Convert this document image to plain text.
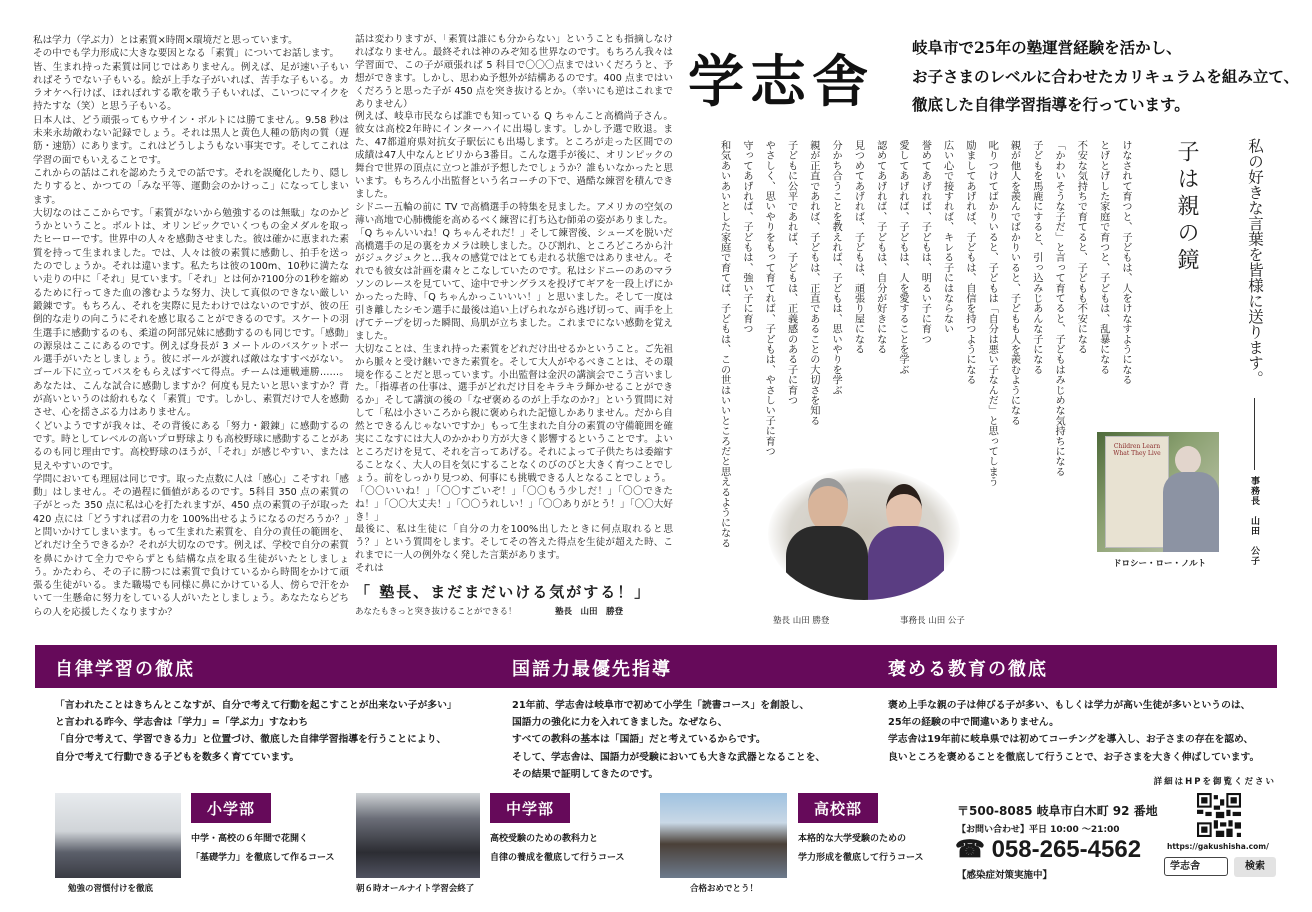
私は学力（学ぶ力）とは素質×時間×環境だと思っています。

その中でも学力形成に大きな要因となる「素質」についてお話します。

皆、生まれ持った素質は同じではありません。例えば、足が速い子もいればそうでない子もいる。絵が上手な子がいれば、苦手な子もいる。カラオケへ行けば、ほれぼれする歌を歌う子もいれば、こいつにマイクを持たすな（笑）と思う子もいる。

日本人は、どう頑張ってもウサイン・ボルトには勝てません。9.58 秒は未来永劫敵わない記録でしょう。それは黒人と黄色人種の筋肉の質（遅筋・速筋）にあります。これはどうしようもない事実です。そしてこれは学習の面でもいえることです。

これからの話はこれを認めたうえでの話です。それを誤魔化したり、隠したりすると、かつての「みな平等、運動会のかけっこ」になってしまいます。

大切なのはここからです。「素質がないから勉強するのは無駄」なのかどうかということ。ボルトは、オリンピックでいくつもの金メダルを取ったヒーローです。世界中の人々を感動させました。彼は確かに恵まれた素質を持って生まれました。では、人々は彼の素質に感動し、拍手を送ったのでしょうか。それは違います。私たちは彼の100m、10秒に満たない走りの中に「それ」見ています。「それ」とは何か?100分の1秒を縮めるために行ってきた血の滲むような努力、決して真似のできない厳しい鍛錬です。もちろん、それを実際に見たわけではないのですが、彼の圧倒的な走りの向こうにそれを感じ取ることができるのです。スケートの羽生選手に感動するのも、柔道の阿部兄妹に感動するのも同じです。「感動」の源泉はここにあるのです。例えば身長が 3 メートルのバスケットボール選手がいたとしましょう。彼にボールが渡れば敵はなすすべがない。ゴール下に立ってパスをもらえばすべて得点。チームは連戦連勝……。あなたは、こんな試合に感動しますか？何度も見たいと思いますか？背が高いというのは紛れもなく「素質」です。しかし、素質だけで人を感動させ、心を揺さぶる力はありません。

くどいようですが我々は、その背後にある「努力・鍛錬」に感動するのです。時としてレベルの高いプロ野球よりも高校野球に感動することがあるのも同じ理由です。高校野球のほうが、「それ」が感じやすい、または見えやすいのです。

学問においても理屈は同じです。取った点数に人は「感心」こそすれ「感動」はしません。その過程に価値があるのです。5科目 350 点の素質の子がとった 350 点に私は心を打たれますが、450 点の素質の子が取った 420 点には「どうすれば君の力を 100%出せるようになるのだろうか？」と問いかけてしまいます。もって生まれた素質を、自分の責任の範囲を、どれだけ全うできるか？それが大切なのです。例えば、学校で自分の素質を鼻にかけて全力でやらずとも結構な点を取る生徒がいたとしましょう。かたわら、その子に勝つには素質で負けているから時間をかけて頑張る生徒がいる。また職場でも同様に鼻にかけている人、傍らで汗をかいて一生懸命に努力をしている人がいたとしましょう。あなたならどちらの人を応援したくなりますか？

話は変わりますが、「素質は誰にも分からない」ということも指摘しなければなりません。最終それは神のみぞ知る世界なのです。もちろん我々は学習面で、この子が頑張れば 5 科目で〇〇〇点まではいくだろうと、予想ができます。しかし、思わぬ予想外が結構あるのです。400 点まではいくだろうと思った子が 450 点を突き抜けるとか。（幸いにも逆はこれまでありません）

例えば、岐阜市民ならば誰でも知っている Q ちゃんこと高橋尚子さん。彼女は高校2年時にインターハイに出場します。しかし予選で敗退。また、47都道府県対抗女子駅伝にも出場します。ところが走った区間での成績は47人中なんとビリから3番目。こんな選手が後に、オリンピックの舞台で世界の頂点に立つと誰が予想したでしょうか？誰もいなかったと思います。もちろん小出監督という名コーチの下で、過酷な練習を積んできました。

シドニー五輪の前に TV で高橋選手の特集を見ました。アメリカの空気の薄い高地で心肺機能を高めるべく練習に打ち込む師弟の姿がありました。「Q ちゃんいいね！Q ちゃんそれだ！」そして練習後、シューズを脱いだ高橋選手の足の裏をカメラは映しました。ひび割れ、ところどころから汁がジュクジュクと…我々の感覚ではとても走れる状態ではありません。それでも彼女は計画を粛々とこなしていたのです。私はシドニーのあのマラソンのレースを見ていて、途中でサングラスを投げてギアを一段上げにかかったった時、「Q ちゃんかっこいいい！」と思いました。そして一度は引き離したシモン選手に最後は追い上げられながら逃げ切って、両手を上げてテープを切った瞬間、鳥肌が立ちました。これまでにない感動を覚えました。

大切なことは、生まれ持った素質をどれだけ出せるかということ。ご先祖から脈々と受け継いできた素質を。そして大人がやるべきことは、その環境を作ることだと思っています。小出監督は金沢の講演会でこう言いました。「指導者の仕事は、選手がどれだけ目をキラキラ輝かせることができるか」そして講演の後の「なぜ褒めるのが上手なのか?」という質問に対して「私は小さいころから親に褒められた記憶しかありません。だから自然とできるんじゃないですか」もって生まれた自分の素質の守備範囲を確実にこなすには大人のかかわり方が大きく影響するということです。よいところだけを見て、それを言ってあげる。それによって子供たちは委縮することなく、大人の目を気にすることなくのびのびと大きく育つことでしょう。前をしっかり見つめ、何事にも挑戦できる人となることでしょう。

「〇〇いいね！」「〇〇すごいぞ！」「〇〇もう少しだ！」「〇〇できたね！」「〇〇大丈夫！」「〇〇うれしい！」「〇〇ありがとう！」「〇〇大好き！」

最後に、私は生徒に「自分の力を100%出したときに何点取れると思う？」という質問をします。そしてその答えた得点を生徒が超えた時、これまでに一人の例外なく発した言葉があります。

それは

「 塾長、まだまだいける気がする！」
あなたもきっと突き抜けることができる！	塾長　山田　勝登
学志舎
岐阜市で25年の塾運営経験を活かし、
お子さまのレベルに合わせたカリキュラムを組み立て、
徹底した自律学習指導を行っています。
私の好きな言葉を皆様に送ります。
事務長　山田　公子
子は親の鏡
けなされて育つと、子どもは、人をけなすようになる
とげとげした家庭で育つと、子どもは、乱暴になる
不安な気持ちで育てると、子どもも不安になる
「かわいそうな子だ」と言って育てると、子どもはみじめな気持ちになる
子どもを馬鹿にすると、引っ込みじあんな子になる
親が他人を羨んでばかりいると、子どもも人を羨むようになる
叱りつけてばかりいると、子どもは「自分は悪い子なんだ」と思ってしまう
励ましてあげれば、子どもは、自信を持つようになる
広い心で接すれば、キレる子にはならない
誉めてあげれば、子どもは、明るい子に育つ
愛してあげれば、子どもは、人を愛することを学ぶ
認めてあげれば、子どもは、自分が好きになる
見つめてあげれば、子どもは、頑張り屋になる
分かち合うことを教えれば、子どもは、思いやりを学ぶ
親が正直であれば、子どもは、正直であることの大切さを知る
子どもに公平であれば、子どもは、正義感のある子に育つ
やさしく、思いやりをもって育てれば、子どもは、やさしい子に育つ
守ってあげれば、子どもは、強い子に育つ
和気あいあいとした家庭で育てば、子どもは、この世はいいところだと思えるようになる	Children Learn What They Live
ドロシー・ロー・ノルト
塾長 山田 勝登	事務長 山田 公子
自律学習の徹底	国語力最優先指導	褒める教育の徹底

「言われたことはきちんとこなすが、自分で考えて行動を起こすことが出来ない子が多い」

と言われる昨今、学志舎は「学力」=「学ぶ力」すなわち

「自分で考えて、学習できる力」と位置づけ、徹底した自律学習指導を行うことにより、

自分で考えて行動できる子どもを数多く育てています。

21年前、学志舎は岐阜市で初めて小学生「読書コース」を創設し、

国語力の強化に力を入れてきました。なぜなら、

すべての教科の基本は「国語」だと考えているからです。

そして、学志舎は、国語力が受験においても大きな武器となることを、

その結果で証明してきたのです。

褒め上手な親の子は伸びる子が多い、もしくは学力が高い生徒が多いというのは、

25年の経験の中で間違いありません。

学志舎は19年前に岐阜県では初めてコーチングを導入し、お子さまの存在を認め、

良いところを褒めることを徹底して行うことで、お子さまを大きく伸ばしています。

詳細はHPを御覧ください
勉強の習慣付けを徹底
小学部

中学・高校の６年間で花開く

「基礎学力」を徹底して作るコース

朝６時オールナイト学習会終了
中学部

高校受験のための教科力と

自律の養成を徹底して行うコース

合格おめでとう！
高校部

本格的な大学受験のための

学力形成を徹底して行うコース

〒500-8085 岐阜市白木町 92 番地
【お問い合わせ】平日 10:00 ～21:00
☎ 058-265-4562
【感染症対策実施中】
https://gakushisha.com/
学志舎	検索
